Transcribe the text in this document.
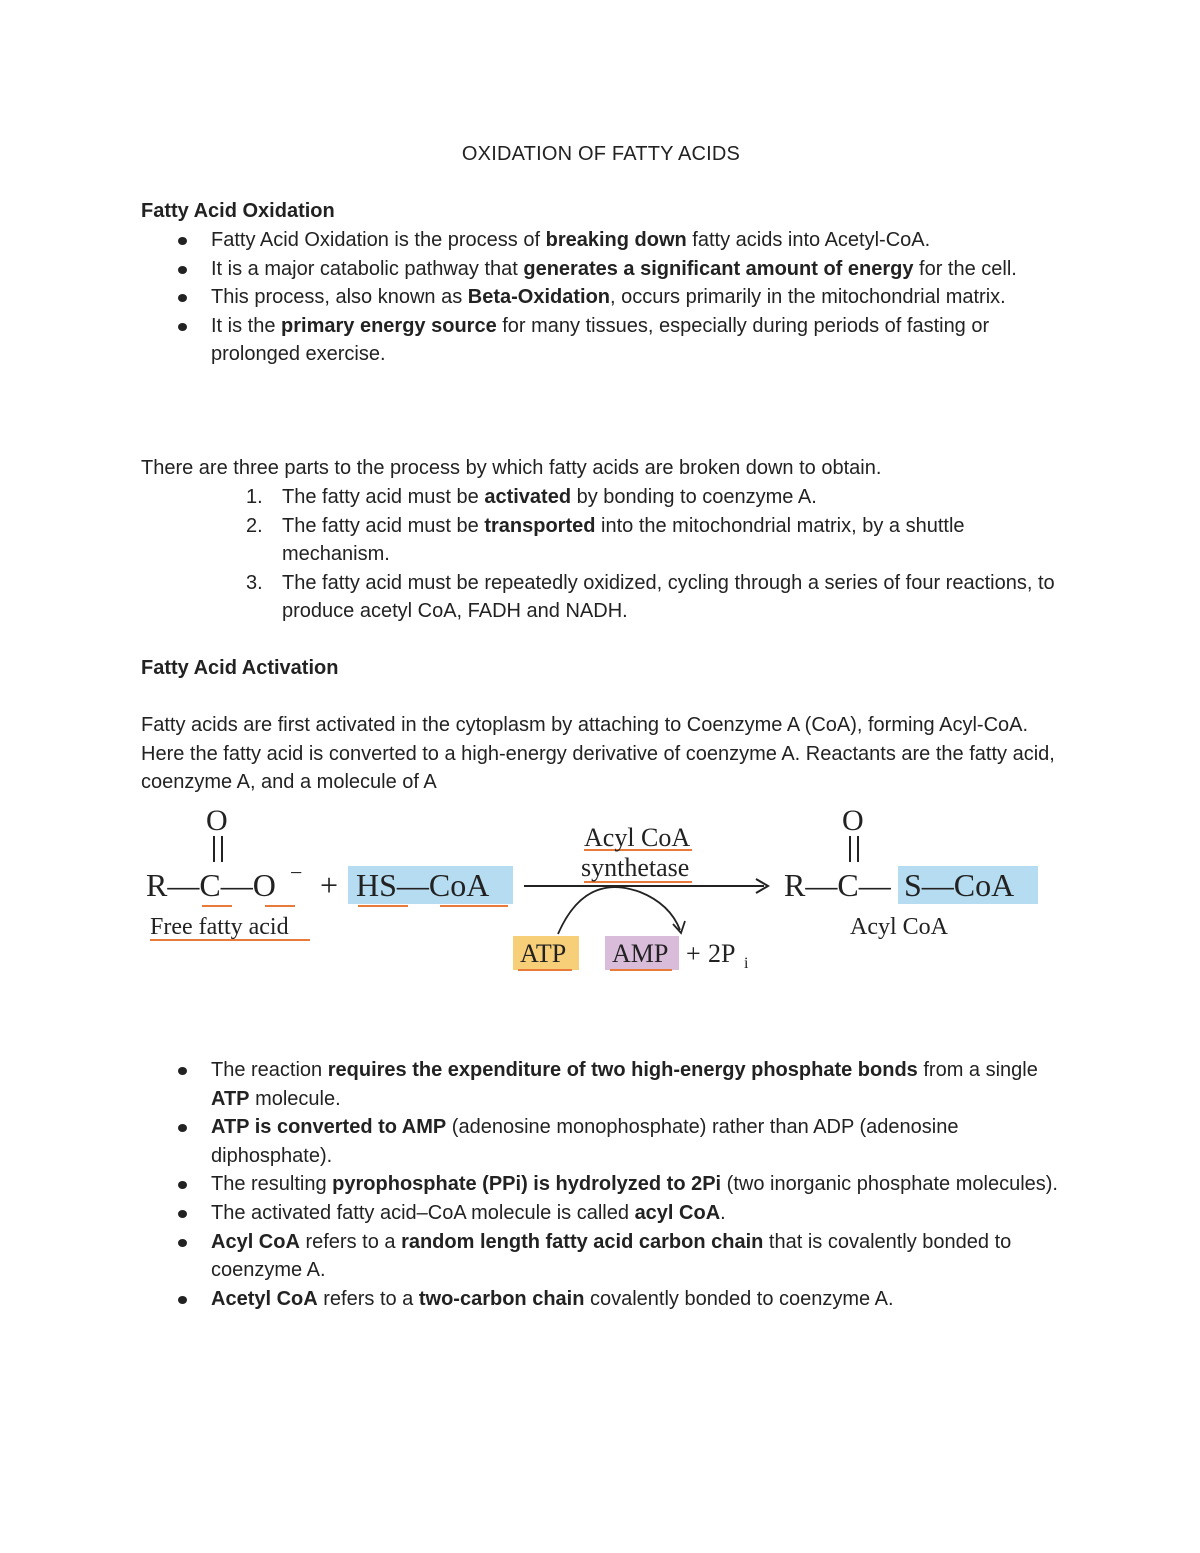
OXIDATION OF FATTY ACIDS
Fatty Acid Oxidation
Fatty Acid Oxidation is the process of breaking down fatty acids into Acetyl-CoA.
It is a major catabolic pathway that generates a significant amount of energy for the cell.
This process, also known as Beta-Oxidation, occurs primarily in the mitochondrial matrix.
It is the primary energy source for many tissues, especially during periods of fasting or prolonged exercise.

There are three parts to the process by which fatty acids are broken down to obtain.

1. The fatty acid must be activated by bonding to coenzyme A.
2. The fatty acid must be transported into the mitochondrial matrix, by a shuttle mechanism.
3. The fatty acid must be repeatedly oxidized, cycling through a series of four reactions, to produce acetyl CoA, FADH and NADH.
Fatty Acid Activation

Fatty acids are first activated in the cytoplasm by attaching to Coenzyme A (CoA), forming Acyl-CoA. Here the fatty acid is converted to a high-energy derivative of coenzyme A. Reactants are the fatty acid, coenzyme A, and a molecule of A

The reaction requires the expenditure of two high-energy phosphate bonds from a single ATP molecule.
ATP is converted to AMP (adenosine monophosphate) rather than ADP (adenosine diphosphate).
The resulting pyrophosphate (PPi) is hydrolyzed to 2Pi (two inorganic phosphate molecules).
The activated fatty acid–CoA molecule is called acyl CoA.
Acyl CoA refers to a random length fatty acid carbon chain that is covalently bonded to coenzyme A.
Acetyl CoA refers to a two-carbon chain covalently bonded to coenzyme A.
O
R—C—O − + HS—CoA
Free fatty acid
Acyl CoA
synthetase
ATP AMP + 2P i
O
R—C— S—CoA
Acyl CoA
